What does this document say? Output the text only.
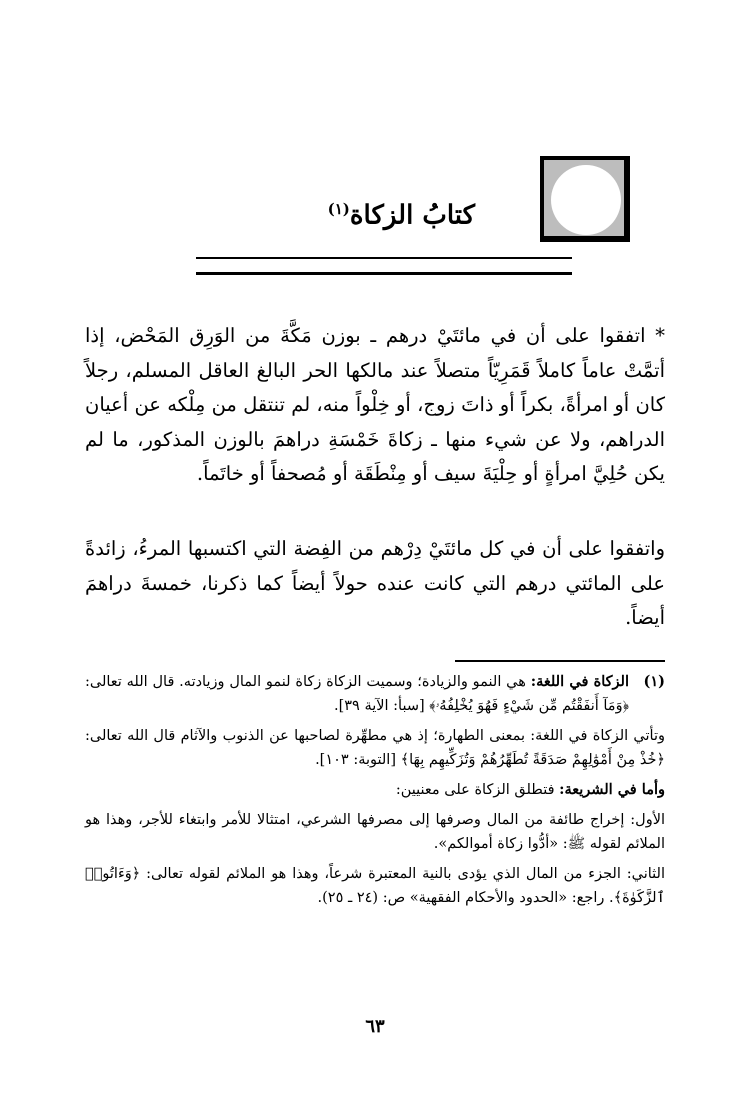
كتابُ الزكاة$^{(١)}$

* اتفقوا على أن في مائتَيْ درهم ـ بوزن مَكَّةَ من الوَرِق المَحْض، إذا أتمَّتْ عاماً كاملاً قَمَرِيّاً متصلاً عند مالكها الحر البالغ العاقل المسلم، رجلاً كان أو امرأةً، بكراً أو ذاتَ زوج، أو خِلْواً منه، لم تنتقل من مِلْكه عن أعيان الدراهم، ولا عن شيء منها ـ زكاةَ خَمْسَةِ دراهمَ بالوزن المذكور، ما لم يكن حُلِيَّ امرأةٍ أو حِلْيَةَ سيف أو مِنْطَقَة أو مُصحفاً أو خاتَماً.

واتفقوا على أن في كل مائتَيْ دِرْهم من الفِضة التي اكتسبها المرءُ، زائدةً على المائتي درهم التي كانت عنده حولاً أيضاً كما ذكرنا، خمسةَ دراهمَ أيضاً.

(١)
الزكاة في اللغة: هي النمو والزيادة؛ وسميت الزكاة زكاة لنمو المال وزيادته. قال الله تعالى: ﴿وَمَآ أَنفَقْتُم مِّن شَيْءٍ فَهُوَ يُخْلِفُهُۥ﴾ [سبأ: الآية ٣٩].
وتأتي الزكاة في اللغة: بمعنى الطهارة؛ إذ هي مطهِّرة لصاحبها عن الذنوب والآثام قال الله تعالى: ﴿خُذْ مِنْ أَمْوَٰلِهِمْ صَدَقَةً تُطَهِّرُهُمْ وَتُزَكِّيهِم بِهَا﴾ [التوبة: ١٠٣].
وأما في الشريعة: فتطلق الزكاة على معنيين:
الأول: إخراج طائفة من المال وصرفها إلى مصرفها الشرعي، امتثالا للأمر وابتغاء للأجر، وهذا هو الملائم لقوله ﷺ: «أدُّوا زكاة أموالكم».
الثاني: الجزء من المال الذي يؤدى بالنية المعتبرة شرعاً، وهذا هو الملائم لقوله تعالى: ﴿وَءَاتُوا۟ ٱلزَّكَوٰةَ﴾. راجع: «الحدود والأحكام الفقهية» ص: (٢٤ ـ ٢٥).
٦٣
